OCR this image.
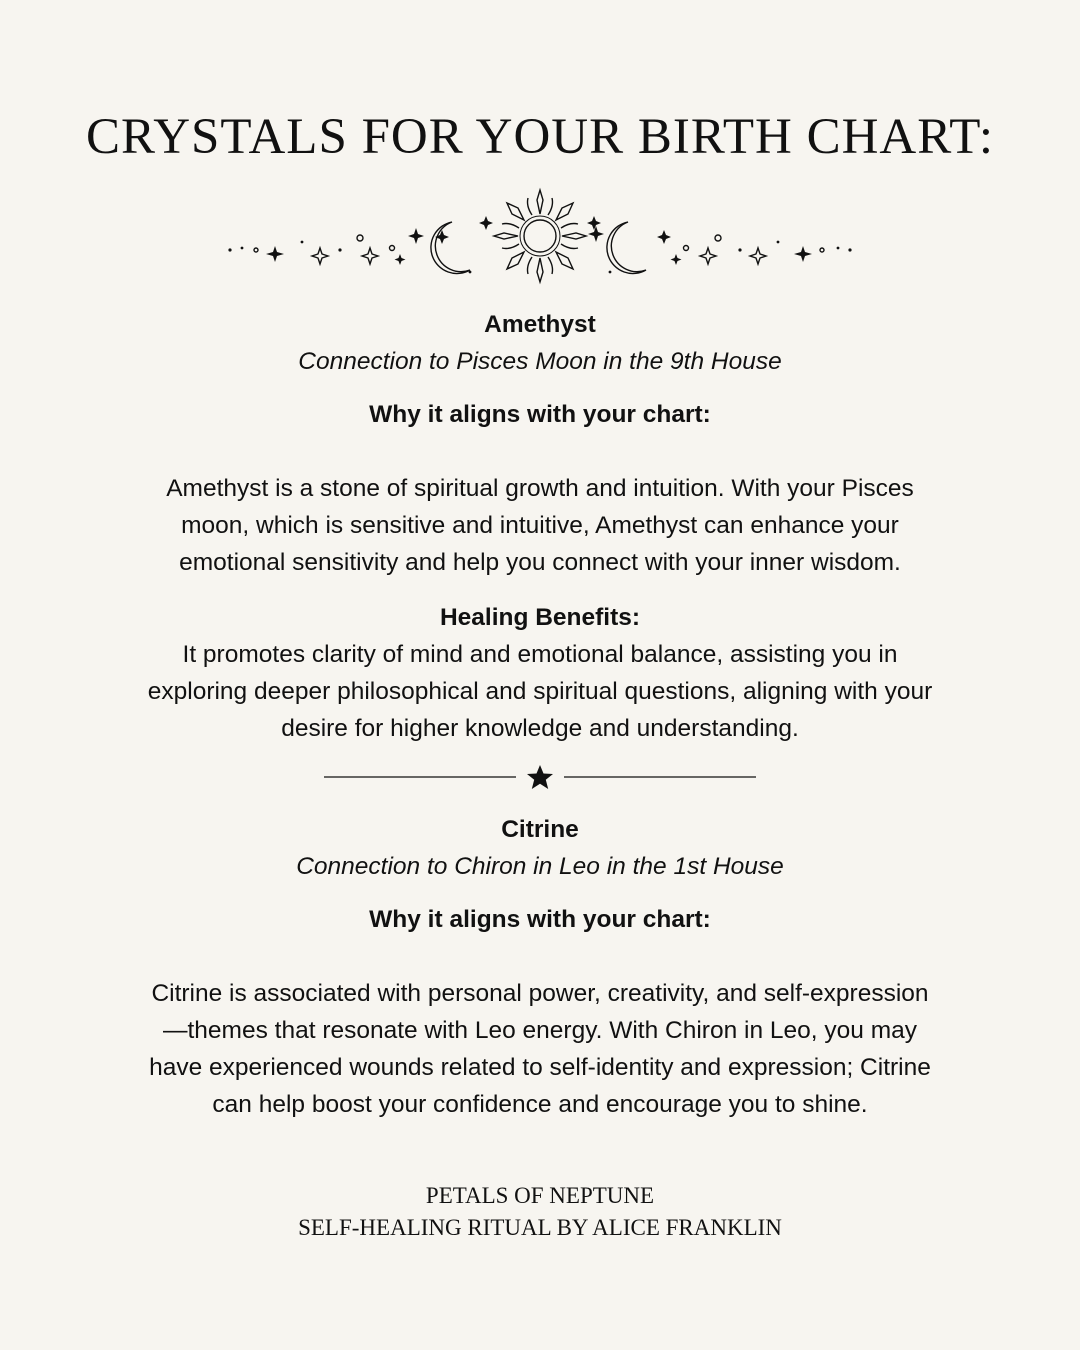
CRYSTALS FOR YOUR BIRTH CHART:
Amethyst
Connection to Pisces Moon in the 9th House
Why it aligns with your chart:

Amethyst is a stone of spiritual growth and intuition. With your Pisces

moon, which is sensitive and intuitive, Amethyst can enhance your

emotional sensitivity and help you connect with your inner wisdom.

Healing Benefits:

It promotes clarity of mind and emotional balance, assisting you in

exploring deeper philosophical and spiritual questions, aligning with your

desire for higher knowledge and understanding.

Citrine
Connection to Chiron in Leo in the 1st House
Why it aligns with your chart:

Citrine is associated with personal power, creativity, and self-expression

—themes that resonate with Leo energy. With Chiron in Leo, you may

have experienced wounds related to self-identity and expression; Citrine

can help boost your confidence and encourage you to shine.

PETALS OF NEPTUNE
SELF-HEALING RITUAL BY ALICE FRANKLIN
